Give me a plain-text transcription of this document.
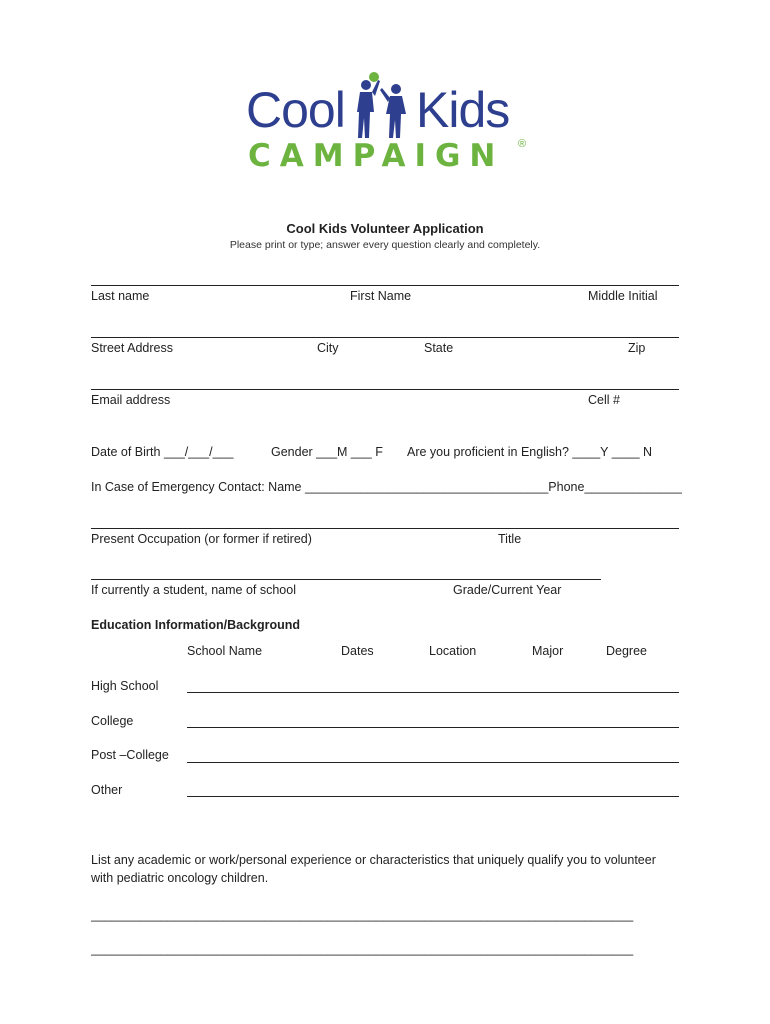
Cool Kids
CAMPAIGN ®
Cool Kids Volunteer Application
Please print or type; answer every question clearly and completely.
Last name	First Name	Middle Initial
Street Address	City	State	Zip
Email address	Cell #
Date of Birth ___/___/___	Gender ___M ___ F Are you proficient in English? ____Y ____ N
In Case of Emergency Contact: Name ___________________________________Phone______________
Present Occupation (or former if retired)	Title
If currently a student, name of school	Grade/Current Year
Education Information/Background
School Name	Dates	Location	Major	Degree
High School
College
Post –College
Other
List any academic or work/personal experience or characteristics that uniquely qualify you to volunteer
with pediatric oncology children.
______________________________________________________________________________
______________________________________________________________________________
